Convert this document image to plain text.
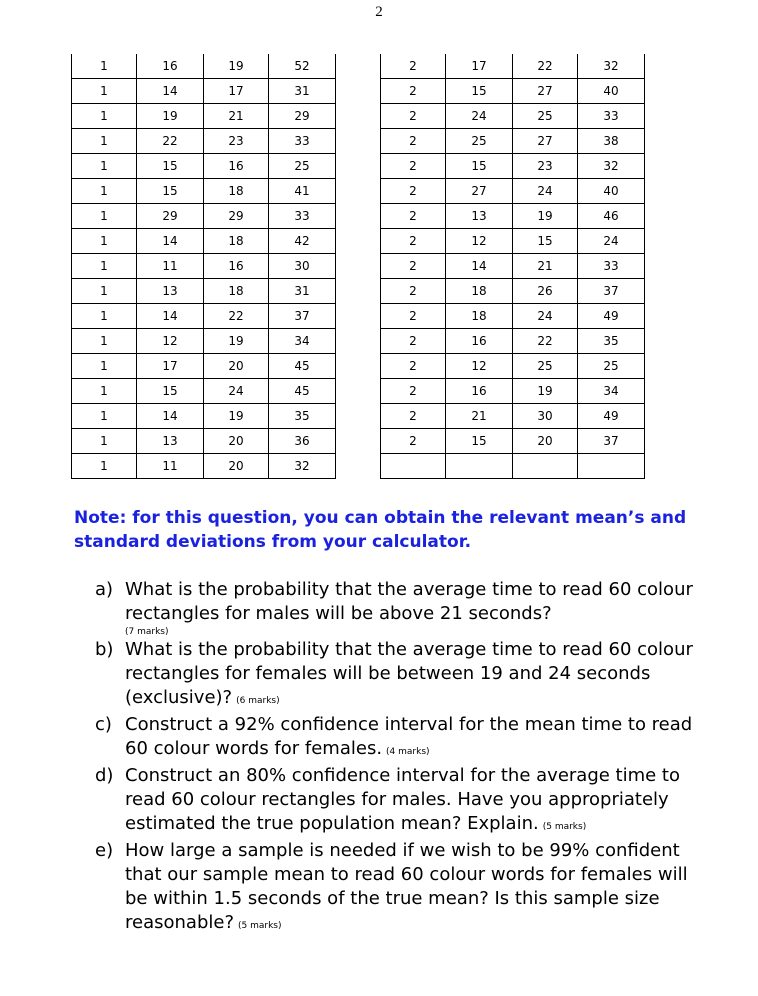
2
1	16	19	52
1	14	17	31
1	19	21	29
1	22	23	33
1	15	16	25
1	15	18	41
1	29	29	33
1	14	18	42
1	11	16	30
1	13	18	31
1	14	22	37
1	12	19	34
1	17	20	45
1	15	24	45
1	14	19	35
1	13	20	36
1	11	20	32
2	17	22	32
2	15	27	40
2	24	25	33
2	25	27	38
2	15	23	32
2	27	24	40
2	13	19	46
2	12	15	24
2	14	21	33
2	18	26	37
2	18	24	49
2	16	22	35
2	12	25	25
2	16	19	34
2	21	30	49
2	15	20	37

Note: for this question, you can obtain the relevant mean’s and standard deviations from your calculator.
a) What is the probability that the average time to read 60 colour rectangles for males will be above 21 seconds?
(7 marks)
b) What is the probability that the average time to read 60 colour rectangles for females will be between 19 and 24 seconds (exclusive)? (6 marks)
c) Construct a 92% confidence interval for the mean time to read 60 colour words for females. (4 marks)
d) Construct an 80% confidence interval for the average time to read 60 colour rectangles for males. Have you appropriately estimated the true population mean? Explain. (5 marks)
e) How large a sample is needed if we wish to be 99% confident that our sample mean to read 60 colour words for females will be within 1.5 seconds of the true mean? Is this sample size reasonable? (5 marks)
